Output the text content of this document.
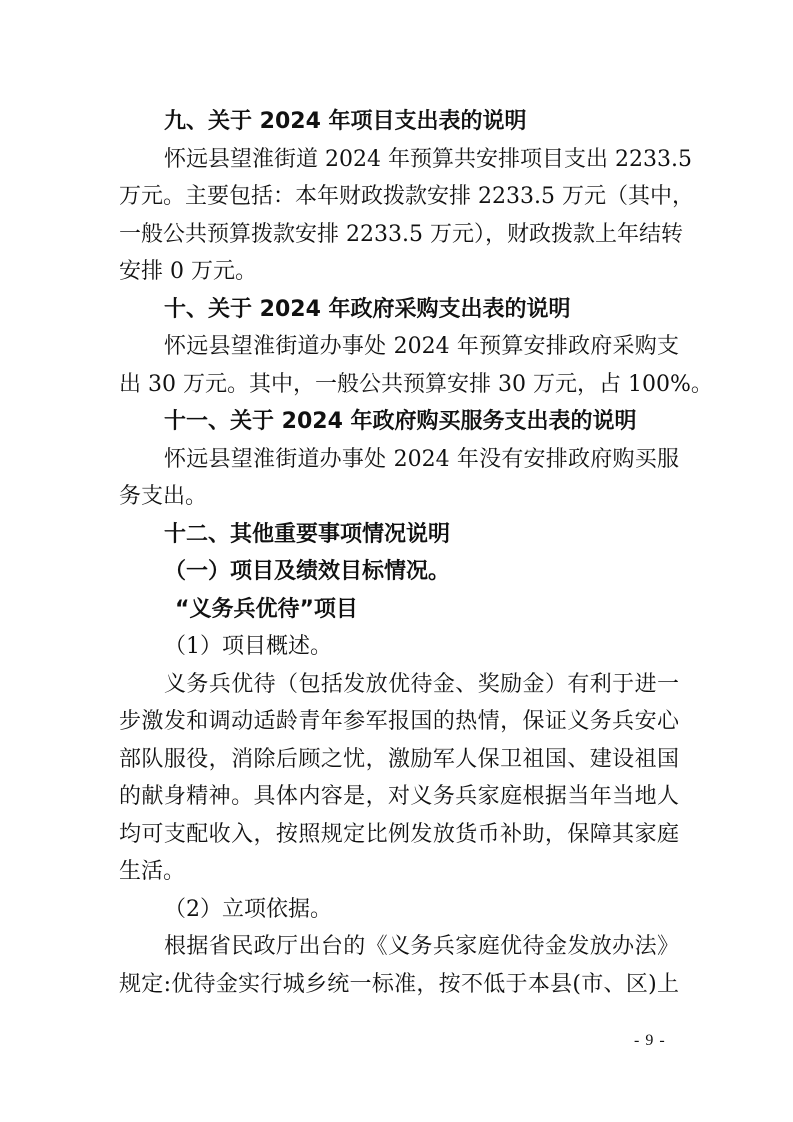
九、关于 2024 年项目支出表的说明
怀远县望淮街道 2024 年预算共安排项目支出 2233.5
万元。主要包括：本年财政拨款安排 2233.5 万元（其中，
一般公共预算拨款安排 2233.5 万元），财政拨款上年结转
安排 0 万元。
十、关于 2024 年政府采购支出表的说明
怀远县望淮街道办事处 2024 年预算安排政府采购支
出 30 万元。其中，一般公共预算安排 30 万元，占 100%。
十一、关于 2024 年政府购买服务支出表的说明
怀远县望淮街道办事处 2024 年没有安排政府购买服
务支出。
十二、其他重要事项情况说明
（一）项目及绩效目标情况。
“义务兵优待”项目
（1）项目概述。
义务兵优待（包括发放优待金、奖励金）有利于进一
步激发和调动适龄青年参军报国的热情，保证义务兵安心
部队服役，消除后顾之忧，激励军人保卫祖国、建设祖国
的献身精神。具体内容是，对义务兵家庭根据当年当地人
均可支配收入，按照规定比例发放货币补助，保障其家庭
生活。
（2）立项依据。
根据省民政厅出台的《义务兵家庭优待金发放办法》
规定:优待金实行城乡统一标准，按不低于本县(市、区)上
- 9 -
